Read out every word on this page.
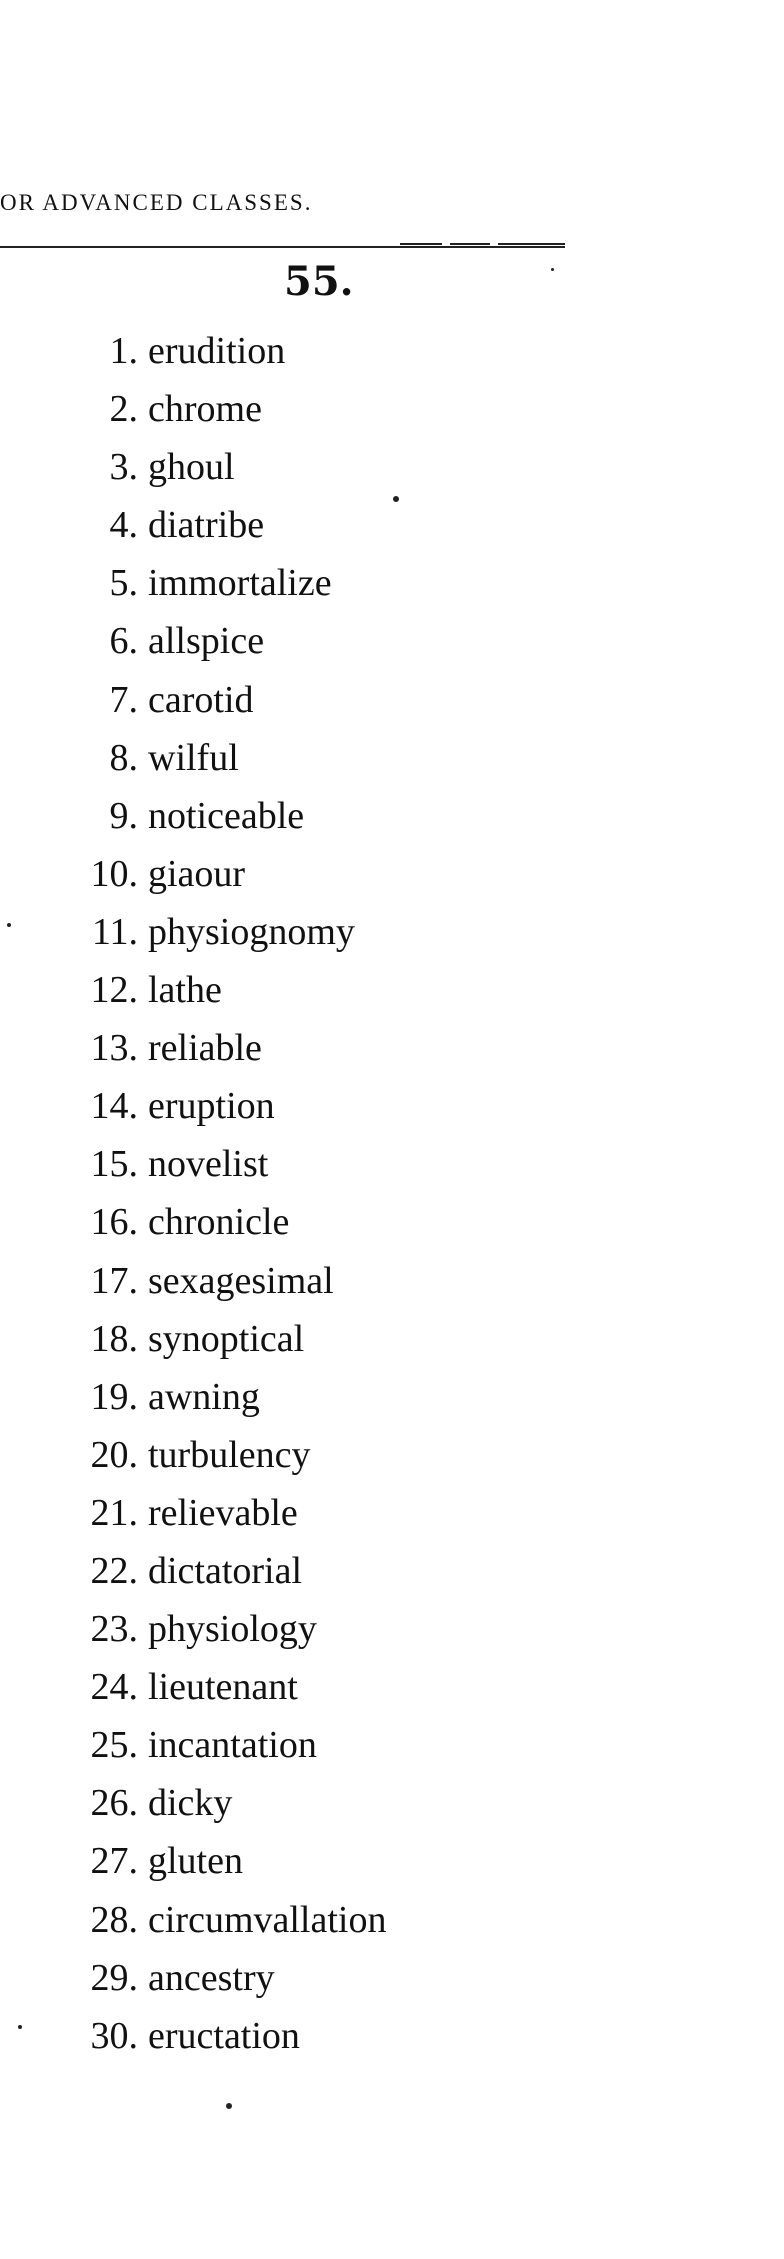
OR ADVANCED CLASSES.
55.
1. erudition
2. chrome
3. ghoul
4. diatribe
5. immortalize
6. allspice
7. carotid
8. wilful
9. noticeable
10. giaour
11. physiognomy
12. lathe
13. reliable
14. eruption
15. novelist
16. chronicle
17. sexagesimal
18. synoptical
19. awning
20. turbulency
21. relievable
22. dictatorial
23. physiology
24. lieutenant
25. incantation
26. dicky
27. gluten
28. circumvallation
29. ancestry
30. eructation
